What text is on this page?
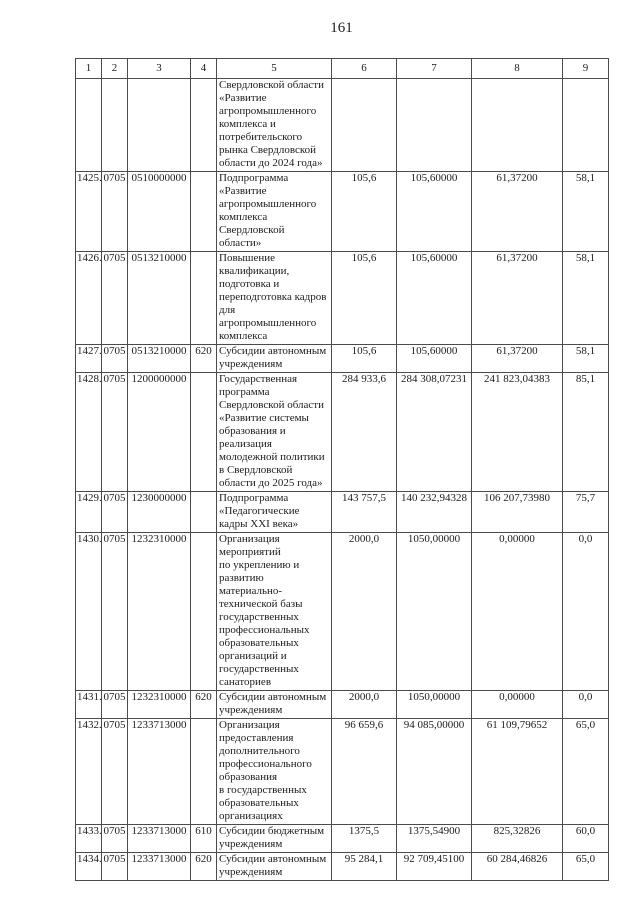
161
1	2	3	4	5	6	7	8	9
				Свердловской области «Развитие агропромышленного комплекса и потребительского рынка Свердловской области до 2024 года»				
1425.	0705	0510000000		Подпрограмма «Развитие агропромышленного комплекса Свердловской области»	105,6	105,60000	61,37200	58,1
1426.	0705	0513210000		Повышение квалификации, подготовка и переподготовка кадров для агропромышленного комплекса	105,6	105,60000	61,37200	58,1
1427.	0705	0513210000	620	Субсидии автономным учреждениям	105,6	105,60000	61,37200	58,1
1428.	0705	1200000000		Государственная программа Свердловской области «Развитие системы образования и реализация молодежной политики в Свердловской области до 2025 года»	284 933,6	284 308,07231	241 823,04383	85,1
1429.	0705	1230000000		Подпрограмма «Педагогические кадры XXI века»	143 757,5	140 232,94328	106 207,73980	75,7
1430.	0705	1232310000		Организация мероприятий по укреплению и развитию материально-технической базы государственных профессиональных образовательных организаций и государственных санаториев	2000,0	1050,00000	0,00000	0,0
1431.	0705	1232310000	620	Субсидии автономным учреждениям	2000,0	1050,00000	0,00000	0,0
1432.	0705	1233713000		Организация предоставления дополнительного профессионального образования в государственных образовательных организациях	96 659,6	94 085,00000	61 109,79652	65,0
1433.	0705	1233713000	610	Субсидии бюджетным учреждениям	1375,5	1375,54900	825,32826	60,0
1434.	0705	1233713000	620	Субсидии автономным учреждениям	95 284,1	92 709,45100	60 284,46826	65,0
